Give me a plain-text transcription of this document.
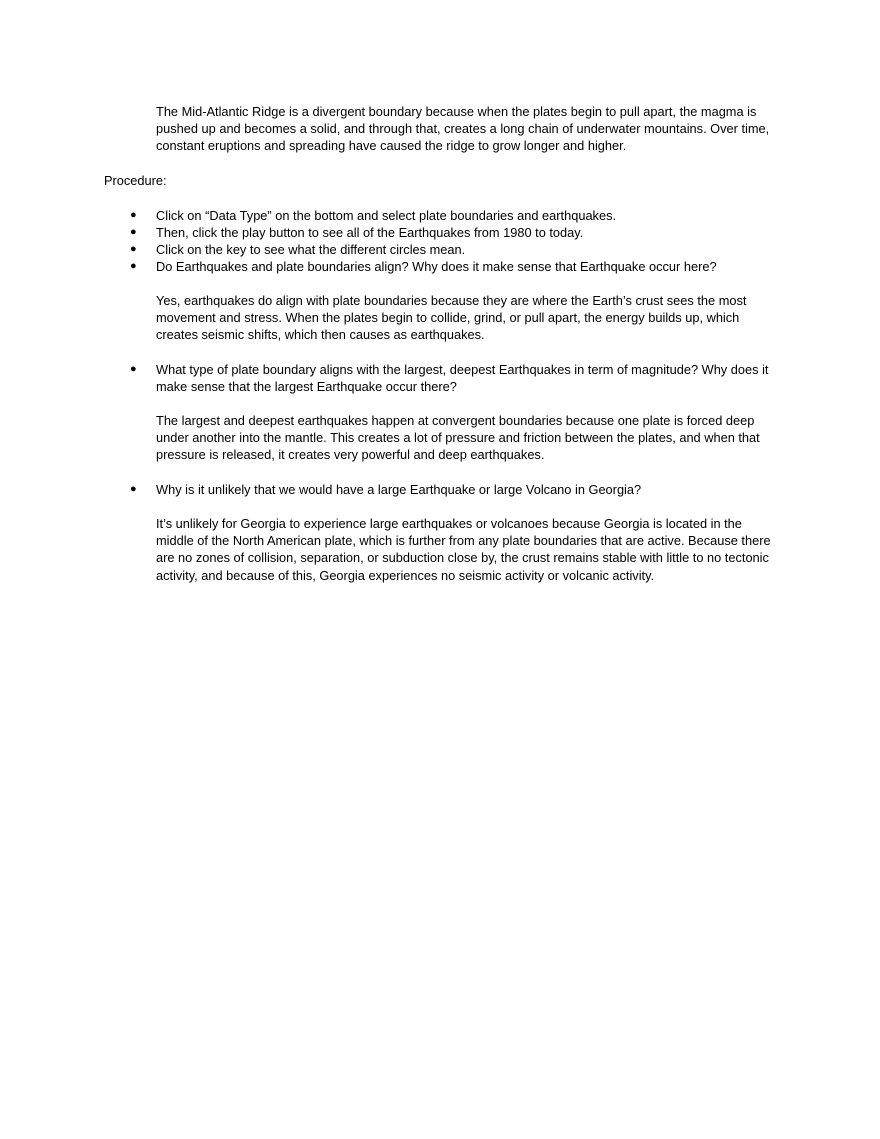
The Mid-Atlantic Ridge is a divergent boundary because when the plates begin to pull apart, the magma is pushed up and becomes a solid, and through that, creates a long chain of underwater mountains. Over time, constant eruptions and spreading have caused the ridge to grow longer and higher.

Procedure:

● Click on “Data Type” on the bottom and select plate boundaries and earthquakes.
● Then, click the play button to see all of the Earthquakes from 1980 to today.
● Click on the key to see what the different circles mean.
● Do Earthquakes and plate boundaries align? Why does it make sense that Earthquake occur here?

Yes, earthquakes do align with plate boundaries because they are where the Earth’s crust sees the most movement and stress. When the plates begin to collide, grind, or pull apart, the energy builds up, which creates seismic shifts, which then causes as earthquakes.

● What type of plate boundary aligns with the largest, deepest Earthquakes in term of magnitude? Why does it make sense that the largest Earthquake occur there?

The largest and deepest earthquakes happen at convergent boundaries because one plate is forced deep under another into the mantle. This creates a lot of pressure and friction between the plates, and when that pressure is released, it creates very powerful and deep earthquakes.

● Why is it unlikely that we would have a large Earthquake or large Volcano in Georgia?

It’s unlikely for Georgia to experience large earthquakes or volcanoes because Georgia is located in the middle of the North American plate, which is further from any plate boundaries that are active. Because there are no zones of collision, separation, or subduction close by, the crust remains stable with little to no tectonic activity, and because of this, Georgia experiences no seismic activity or volcanic activity.
